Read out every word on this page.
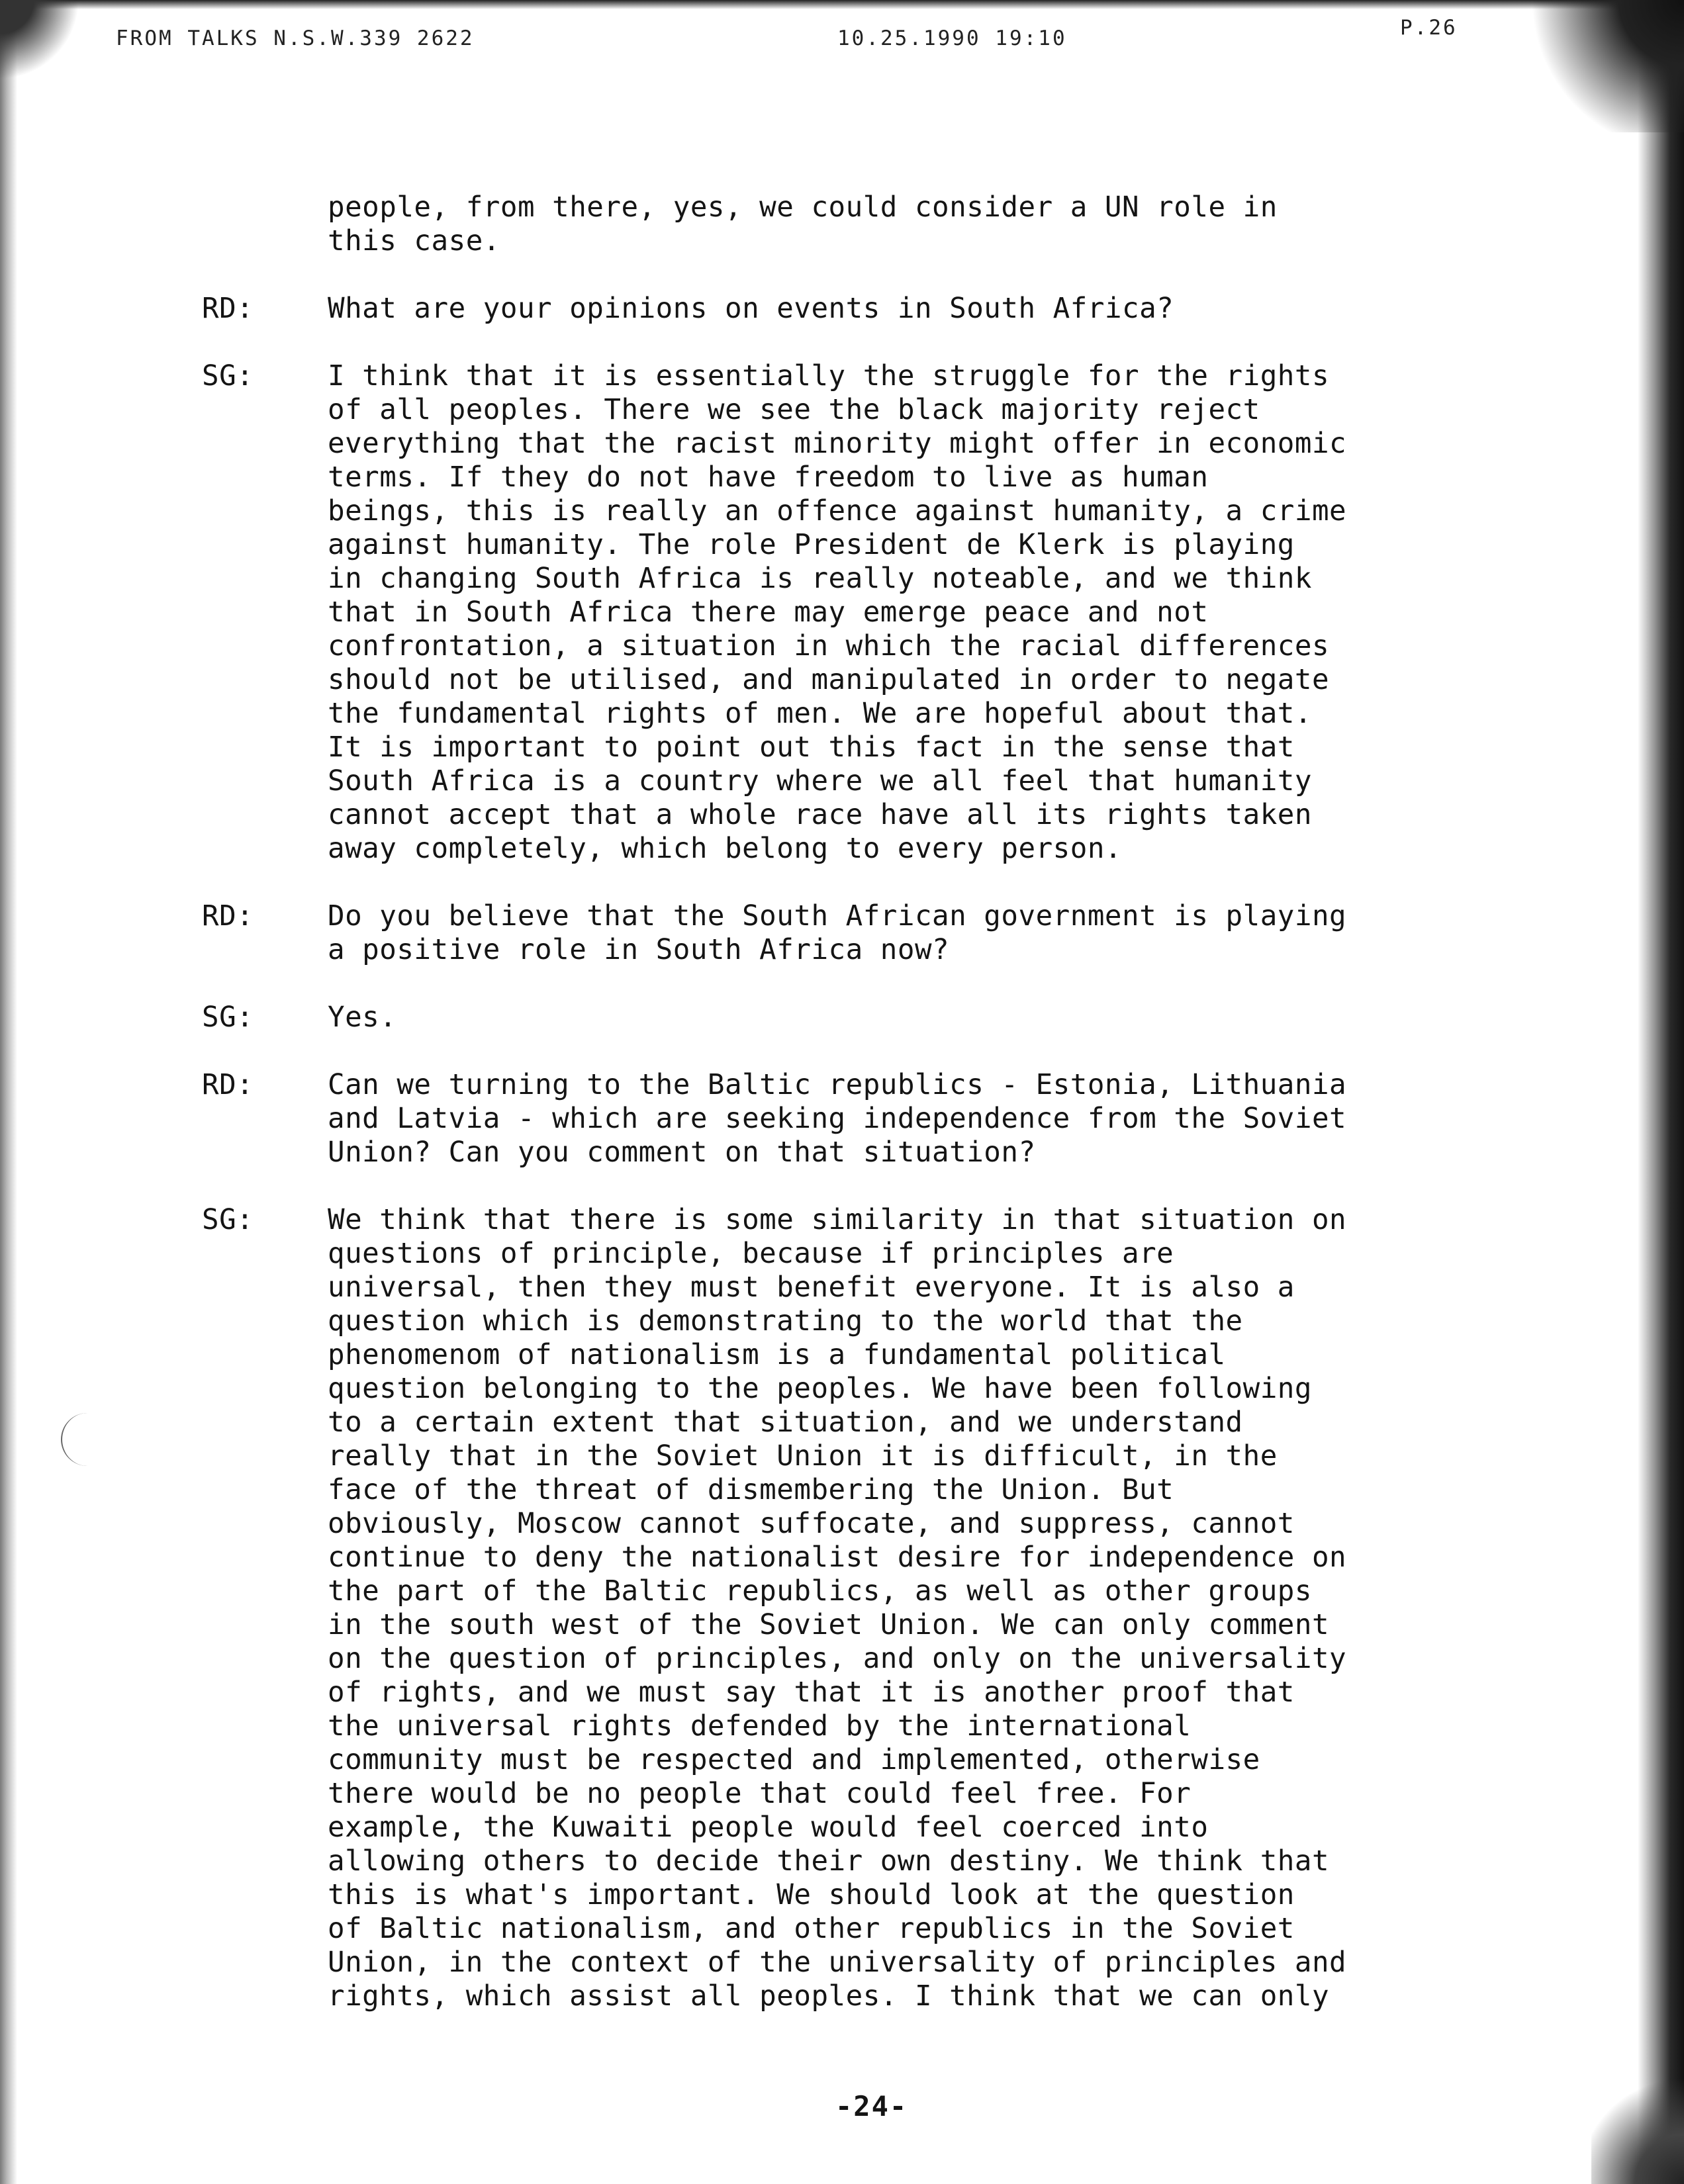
FROM TALKS N.S.W.339 2622	10.25.1990 19:10	P.26
people, from there, yes, we could consider a UN role in
this case.
RD:	What are your opinions on events in South Africa?
SG:	I think that it is essentially the struggle for the rights
of all peoples. There we see the black majority reject
everything that the racist minority might offer in economic
terms. If they do not have freedom to live as human
beings, this is really an offence against humanity, a crime
against humanity. The role President de Klerk is playing
in changing South Africa is really noteable, and we think
that in South Africa there may emerge peace and not
confrontation, a situation in which the racial differences
should not be utilised, and manipulated in order to negate
the fundamental rights of men. We are hopeful about that.
It is important to point out this fact in the sense that
South Africa is a country where we all feel that humanity
cannot accept that a whole race have all its rights taken
away completely, which belong to every person.
RD:	Do you believe that the South African government is playing
a positive role in South Africa now?
SG:	Yes.
RD:	Can we turning to the Baltic republics - Estonia, Lithuania
and Latvia - which are seeking independence from the Soviet
Union? Can you comment on that situation?
SG:	We think that there is some similarity in that situation on
questions of principle, because if principles are
universal, then they must benefit everyone. It is also a
question which is demonstrating to the world that the
phenomenom of nationalism is a fundamental political
question belonging to the peoples. We have been following
to a certain extent that situation, and we understand
really that in the Soviet Union it is difficult, in the
face of the threat of dismembering the Union. But
obviously, Moscow cannot suffocate, and suppress, cannot
continue to deny the nationalist desire for independence on
the part of the Baltic republics, as well as other groups
in the south west of the Soviet Union. We can only comment
on the question of principles, and only on the universality
of rights, and we must say that it is another proof that
the universal rights defended by the international
community must be respected and implemented, otherwise
there would be no people that could feel free. For
example, the Kuwaiti people would feel coerced into
allowing others to decide their own destiny. We think that
this is what's important. We should look at the question
of Baltic nationalism, and other republics in the Soviet
Union, in the context of the universality of principles and
rights, which assist all peoples. I think that we can only
-24-
